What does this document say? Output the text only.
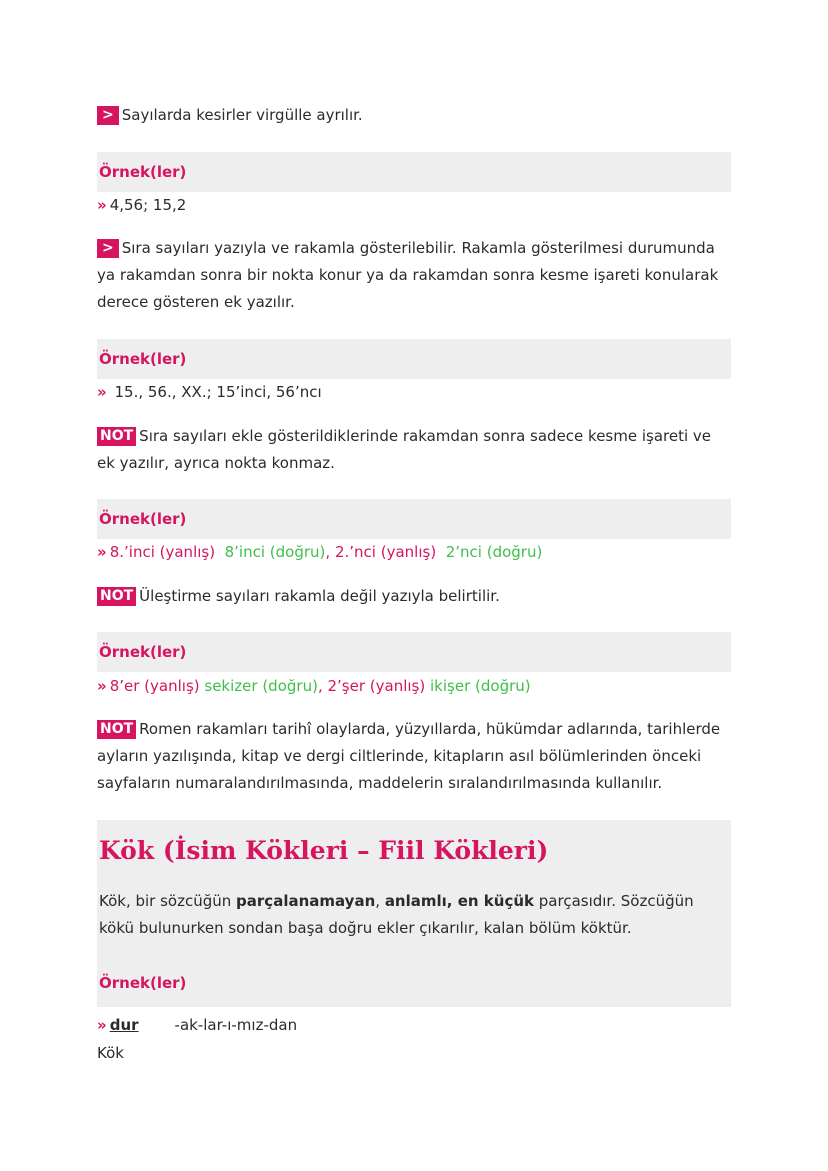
> Sayılarda kesirler virgülle ayrılır.

Örnek(ler)

» 4,56; 15,2

> Sıra sayıları yazıyla ve rakamla gösterilebilir. Rakamla gösterilmesi durumunda ya rakamdan sonra bir nokta konur ya da rakamdan sonra kesme işareti konularak derece gösteren ek yazılır.

Örnek(ler)

» 15., 56., XX.; 15’inci, 56’ncı

NOT Sıra sayıları ekle gösterildiklerinde rakamdan sonra sadece kesme işareti ve ek yazılır, ayrıca nokta konmaz.

Örnek(ler)

» 8.’inci (yanlış) 8’inci (doğru), 2.’nci (yanlış) 2’nci (doğru)

NOT Üleştirme sayıları rakamla değil yazıyla belirtilir.

Örnek(ler)

» 8’er (yanlış) sekizer (doğru), 2’şer (yanlış) ikişer (doğru)

NOT Romen rakamları tarihî olaylarda, yüzyıllarda, hükümdar adlarında, tarihlerde ayların yazılışında, kitap ve dergi ciltlerinde, kitapların asıl bölümlerinden önceki sayfaların numaralandırılmasında, maddelerin sıralandırılmasında kullanılır.

Kök (İsim Kökleri – Fiil Kökleri)

Kök, bir sözcüğün parçalanamayan, anlamlı, en küçük parçasıdır. Sözcüğün kökü bulunurken sondan başa doğru ekler çıkarılır, kalan bölüm köktür.

Örnek(ler)
» dur -ak-lar-ı-mız-dan
Kök
